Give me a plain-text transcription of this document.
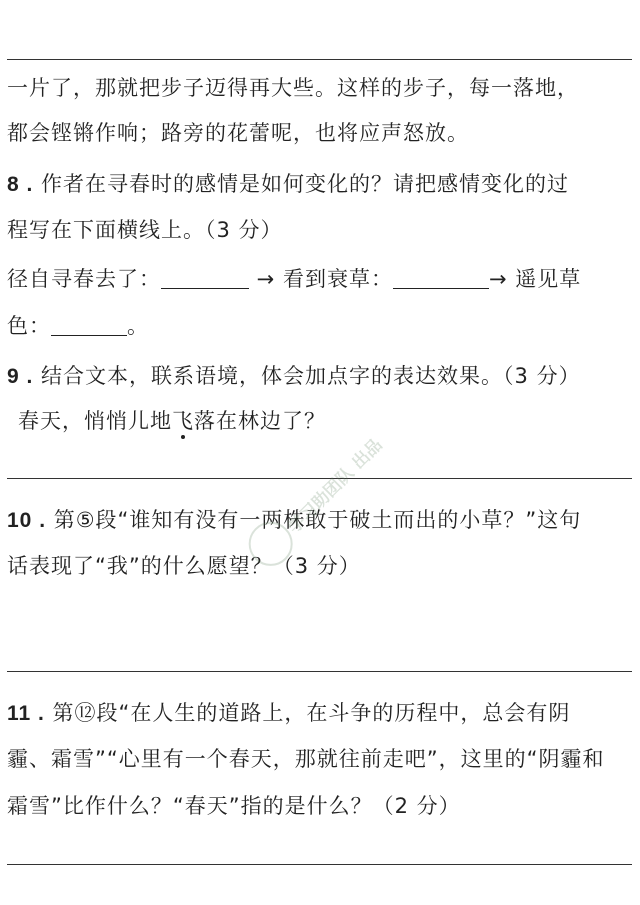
一片了，那就把步子迈得再大些。这样的步子，每一落地，
都会铿锵作响；路旁的花蕾呢，也将应声怒放。
8 . 作者在寻春时的感情是如何变化的？请把感情变化的过
程写在下面横线上。（3 分）
径自寻春去了：	→ 看到衰草：	→ 遥见草
色：	。
9 . 结合文本，联系语境，体会加点字的表达效果。（3 分）
春天，悄悄儿地飞落在林边了？
10 . 第⑤段“谁知有没有一两株敢于破土而出的小草？”这句
话表现了“我”的什么愿望？（3 分）
11 . 第⑫段“在人生的道路上，在斗争的历程中，总会有阴
霾、霜雪”“心里有一个春天，那就往前走吧”，这里的“阴霾和
霜雪”比作什么？“春天”指的是什么？（2 分）
学习助团队 出品
